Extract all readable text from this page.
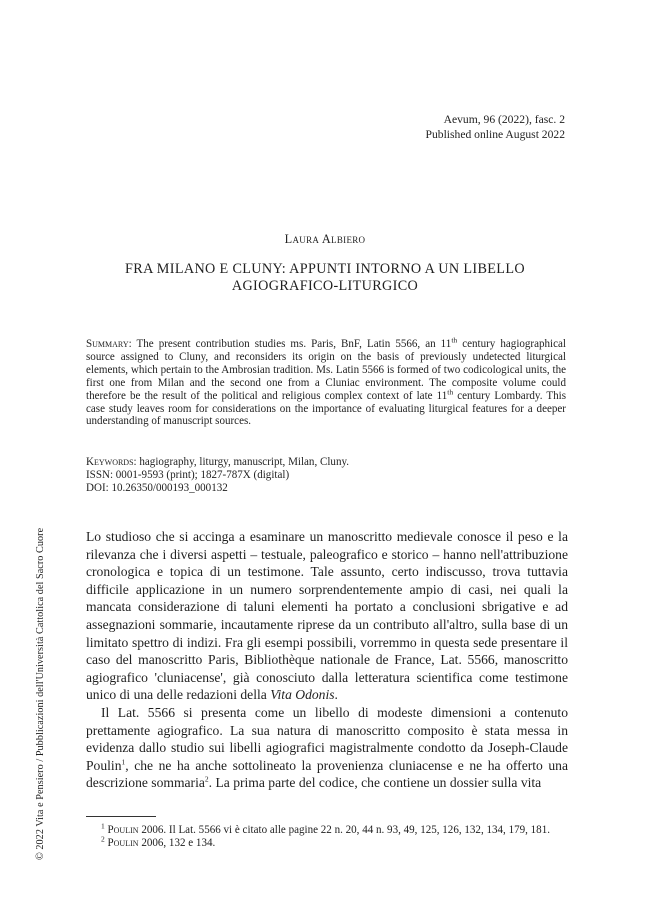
© 2022 Vita e Pensiero / Pubblicazioni dell'Università Cattolica del Sacro Cuore
Aevum, 96 (2022), fasc. 2
Published online August 2022
Laura Albiero
FRA MILANO E CLUNY: APPUNTI INTORNO A UN LIBELLO
AGIOGRAFICO-LITURGICO

Summary: The present contribution studies ms. Paris, BnF, Latin 5566, an 11th century hagiographical source assigned to Cluny, and reconsiders its origin on the basis of previously undetected liturgical elements, which pertain to the Ambrosian tradition. Ms. Latin 5566 is formed of two codicological units, the first one from Milan and the second one from a Cluniac environment. The composite volume could therefore be the result of the political and religious complex context of late 11th century Lombardy. This case study leaves room for considerations on the importance of evaluating liturgical features for a deeper understanding of manuscript sources.

Keywords: hagiography, liturgy, manuscript, Milan, Cluny.
ISSN: 0001-9593 (print); 1827-787X (digital)
DOI: 10.26350/000193_000132

Lo studioso che si accinga a esaminare un manoscritto medievale conosce il peso e la rilevanza che i diversi aspetti – testuale, paleografico e storico – hanno nell'attribuzione cronologica e topica di un testimone. Tale assunto, certo indiscusso, trova tuttavia difficile applicazione in un numero sorprendentemente ampio di casi, nei quali la mancata considerazione di taluni elementi ha portato a conclusioni sbrigative e ad assegnazioni sommarie, incautamente riprese da un contributo all'altro, sulla base di un limitato spettro di indizi. Fra gli esempi possibili, vorremmo in questa sede presentare il caso del manoscritto Paris, Bibliothèque nationale de France, Lat. 5566, manoscritto agiografico 'cluniacense', già conosciuto dalla letteratura scientifica come testimone unico di una delle redazioni della Vita Odonis.

Il Lat. 5566 si presenta come un libello di modeste dimensioni a contenuto prettamente agiografico. La sua natura di manoscritto composito è stata messa in evidenza dallo studio sui libelli agiografici magistralmente condotto da Joseph-Claude Poulin$^1$, che ne ha anche sottolineato la provenienza cluniacense e ne ha offerto una descrizione sommaria$^2$. La prima parte del codice, che contiene un dossier sulla vita

$^1$ Poulin 2006. Il Lat. 5566 vi è citato alle pagine 22 n. 20, 44 n. 93, 49, 125, 126, 132, 134, 179, 181.
$^2$ Poulin 2006, 132 e 134.
